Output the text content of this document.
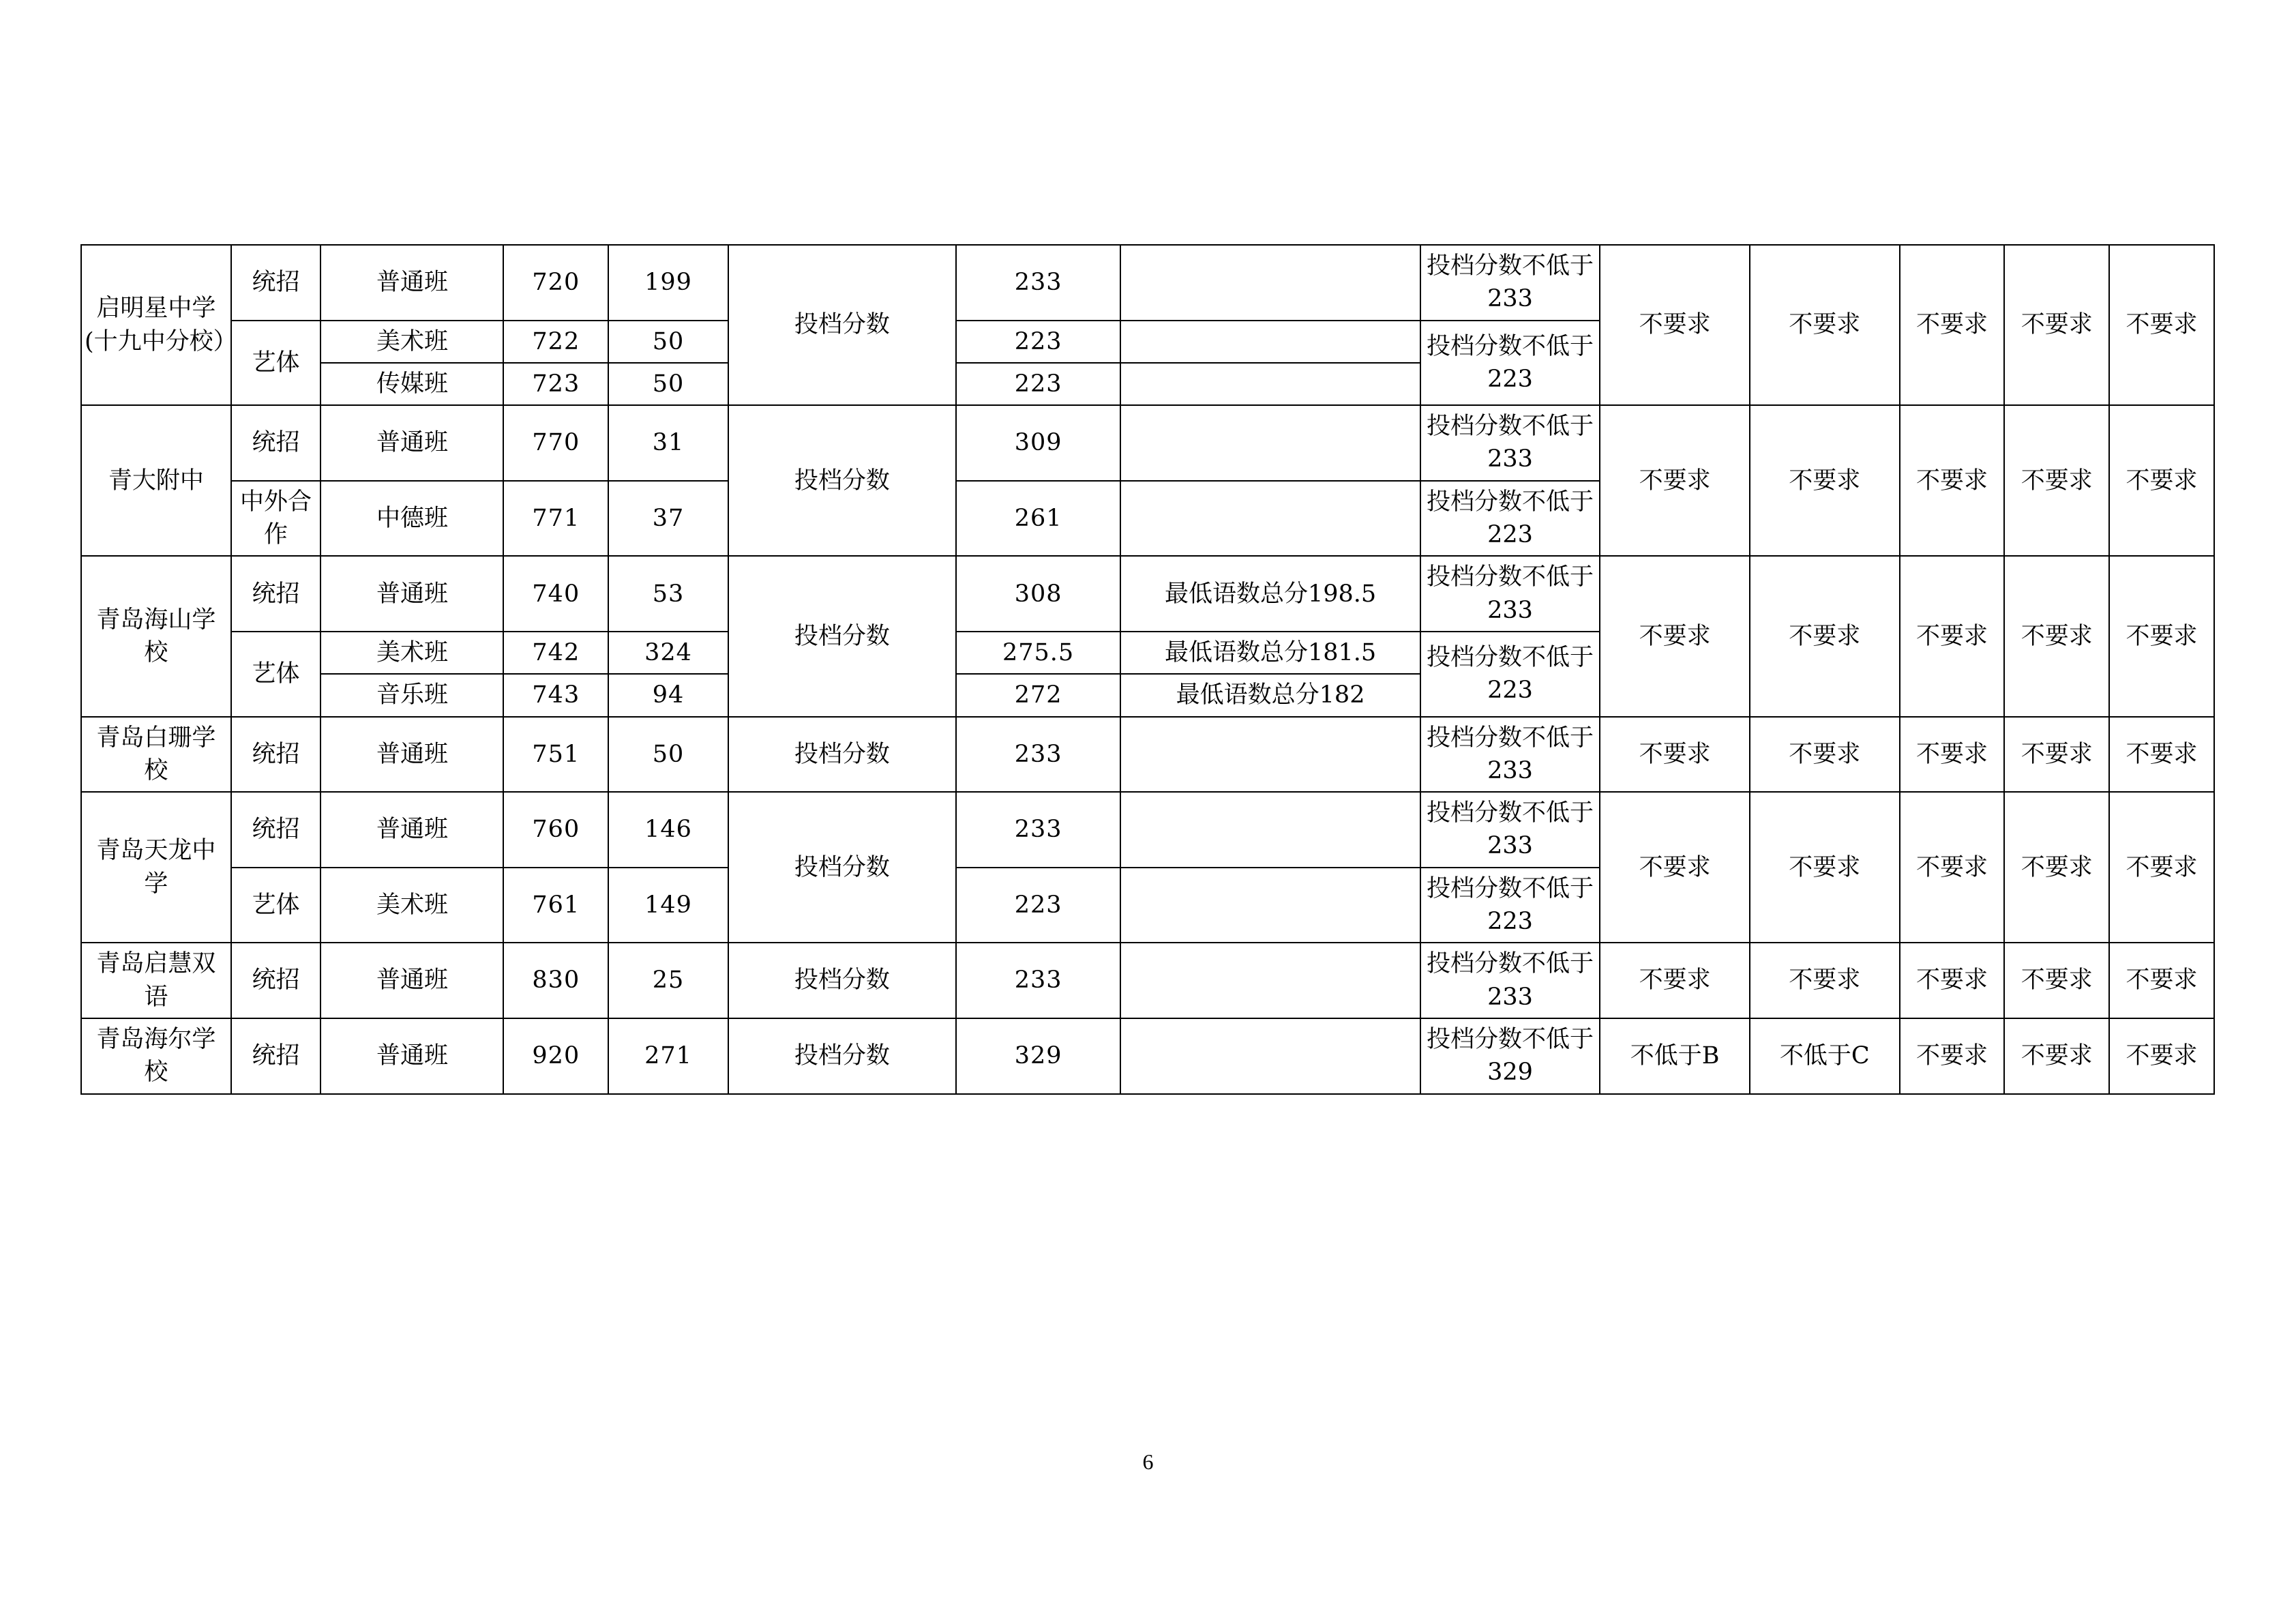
启明星中学(十九中分校）	统招	普通班	720	199	投档分数	233		投档分数不低于233	不要求	不要求	不要求	不要求	不要求
	艺体	美术班	722	50		223		投档分数不低于223					
		传媒班	723	50		223							
青大附中	统招	普通班	770	31	投档分数	309		投档分数不低于233	不要求	不要求	不要求	不要求	不要求
	中外合作	中德班	771	37		261		投档分数不低于223					
青岛海山学校	统招	普通班	740	53	投档分数	308	最低语数总分198.5	投档分数不低于233	不要求	不要求	不要求	不要求	不要求
	艺体	美术班	742	324		275.5	最低语数总分181.5	投档分数不低于223					
		音乐班	743	94		272	最低语数总分182						
青岛白珊学校	统招	普通班	751	50	投档分数	233		投档分数不低于233	不要求	不要求	不要求	不要求	不要求
青岛天龙中学	统招	普通班	760	146	投档分数	233		投档分数不低于233	不要求	不要求	不要求	不要求	不要求
	艺体	美术班	761	149		223		投档分数不低于223					
青岛启慧双语	统招	普通班	830	25	投档分数	233		投档分数不低于233	不要求	不要求	不要求	不要求	不要求
青岛海尔学校	统招	普通班	920	271	投档分数	329		投档分数不低于329	不低于B	不低于C	不要求	不要求	不要求
6
